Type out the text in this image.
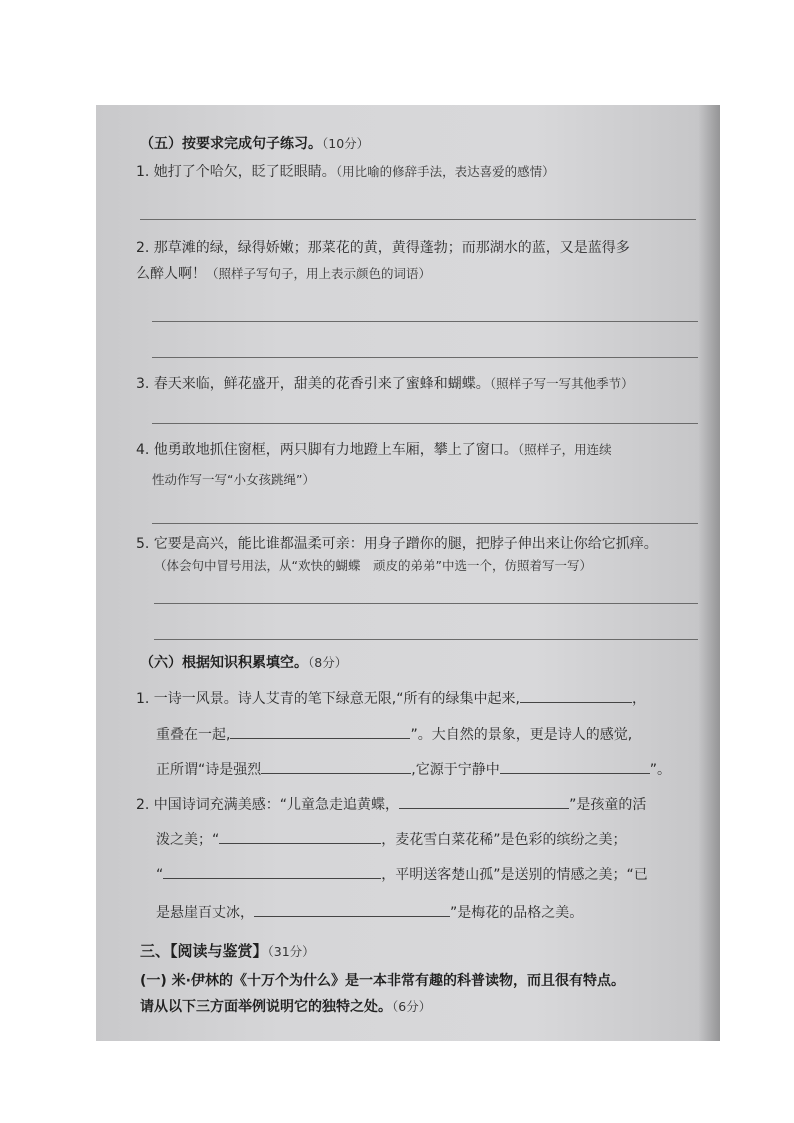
（五）按要求完成句子练习。（10分）
1. 她打了个哈欠，眨了眨眼睛。（用比喻的修辞手法，表达喜爱的感情）
2. 那草滩的绿，绿得娇嫩；那菜花的黄，黄得蓬勃；而那湖水的蓝，又是蓝得多
么醉人啊！（照样子写句子，用上表示颜色的词语）
3. 春天来临，鲜花盛开，甜美的花香引来了蜜蜂和蝴蝶。（照样子写一写其他季节）
4. 他勇敢地抓住窗框，两只脚有力地蹬上车厢，攀上了窗口。（照样子，用连续
性动作写一写“小女孩跳绳”）
5. 它要是高兴，能比谁都温柔可亲：用身子蹭你的腿，把脖子伸出来让你给它抓痒。
（体会句中冒号用法，从“欢快的蝴蝶　顽皮的弟弟”中选一个，仿照着写一写）
（六）根据知识积累填空。（8分）
1. 一诗一风景。诗人艾青的笔下绿意无限,“所有的绿集中起来,	，
重叠在一起,	”。大自然的景象，更是诗人的感觉,
正所谓“诗是强烈	,它源于宁静中	”。
2. 中国诗词充满美感：“儿童急走追黄蝶，	”是孩童的活
泼之美；“	，麦花雪白菜花稀”是色彩的缤纷之美；
“	，平明送客楚山孤”是送别的情感之美；“已
是悬崖百丈冰，	”是梅花的品格之美。
三、【阅读与鉴赏】（31分）
(一) 米·伊林的《十万个为什么》是一本非常有趣的科普读物，而且很有特点。
请从以下三方面举例说明它的独特之处。（6分）
